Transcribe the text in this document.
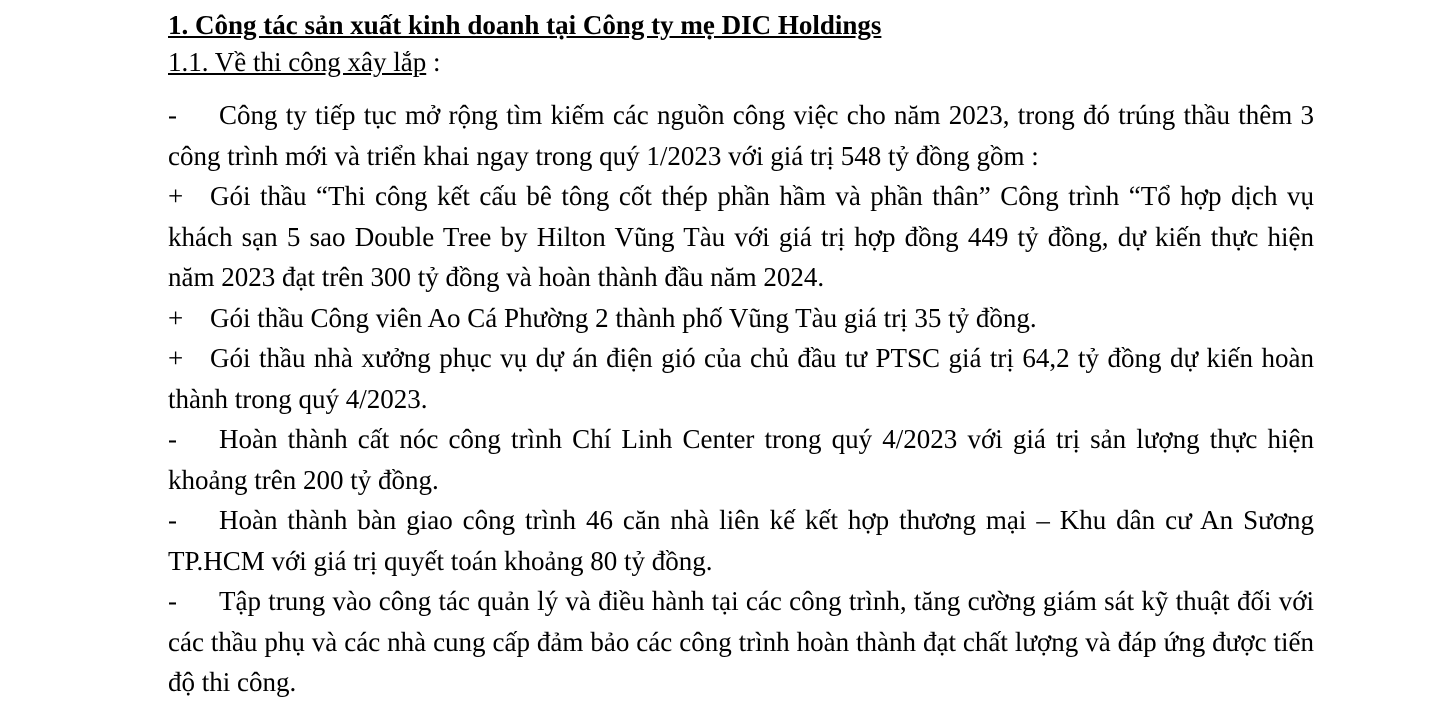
1. Công tác sản xuất kinh doanh tại Công ty mẹ DIC Holdings
1.1. Về thi công xây lắp :
- Công ty tiếp tục mở rộng tìm kiếm các nguồn công việc cho năm 2023, trong đó trúng thầu thêm 3 công trình mới và triển khai ngay trong quý 1/2023 với giá trị 548 tỷ đồng gồm :
+ Gói thầu “Thi công kết cấu bê tông cốt thép phần hầm và phần thân” Công trình “Tổ hợp dịch vụ khách sạn 5 sao Double Tree by Hilton Vũng Tàu với giá trị hợp đồng 449 tỷ đồng, dự kiến thực hiện năm 2023 đạt trên 300 tỷ đồng và hoàn thành đầu năm 2024.
+ Gói thầu Công viên Ao Cá Phường 2 thành phố Vũng Tàu giá trị 35 tỷ đồng.
+ Gói thầu nhà xưởng phục vụ dự án điện gió của chủ đầu tư PTSC giá trị 64,2 tỷ đồng dự kiến hoàn thành trong quý 4/2023.
- Hoàn thành cất nóc công trình Chí Linh Center trong quý 4/2023 với giá trị sản lượng thực hiện khoảng trên 200 tỷ đồng.
- Hoàn thành bàn giao công trình 46 căn nhà liên kế kết hợp thương mại – Khu dân cư An Sương TP.HCM với giá trị quyết toán khoảng 80 tỷ đồng.
- Tập trung vào công tác quản lý và điều hành tại các công trình, tăng cường giám sát kỹ thuật đối với các thầu phụ và các nhà cung cấp đảm bảo các công trình hoàn thành đạt chất lượng và đáp ứng được tiến độ thi công.
